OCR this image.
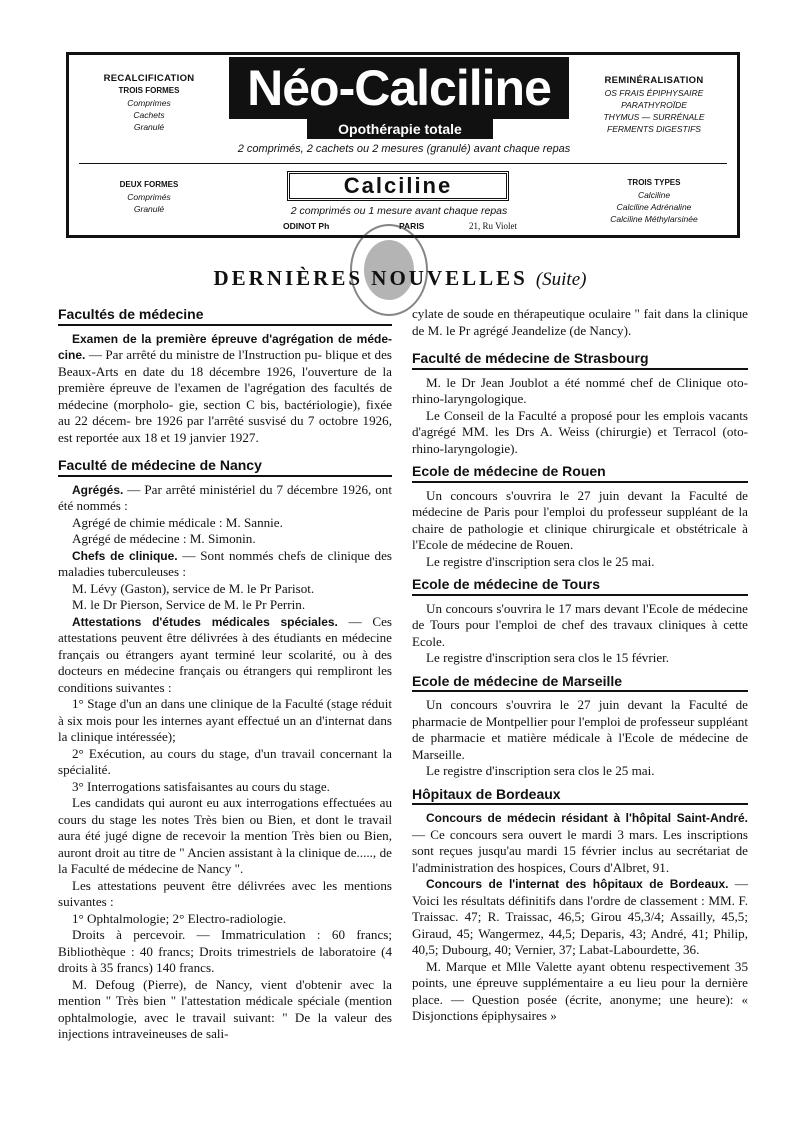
RECALCIFICATION
TROIS FORMES
Comprimes
Cachets
Granulé
DEUX FORMES
Comprimés
Granulé
REMINÉRALISATION
OS FRAIS ÉPIPHYSAIRE
PARATHYROÏDE
THYMUS — SURRÉNALE
FERMENTS DIGESTIFS
TROIS TYPES
Calciline
Calciline Adrénaline
Calciline Méthylarsinée
Néo-Calciline
Opothérapie totale
2 comprimés, 2 cachets ou 2 mesures (granulé) avant chaque repas
Calciline
2 comprimés ou 1 mesure avant chaque repas
ODINOT Ph	PARIS	21, Ru Violet
DERNIÈRES NOUVELLES (Suite)
Facultés de médecine

Examen de la première épreuve d'agrégation de méde-cine. — Par arrêté du ministre de l'Instruction pu- blique et des Beaux-Arts en date du 18 décembre 1926, l'ouverture de la première épreuve de l'examen de l'agrégation des facultés de médecine (morpholo- gie, section C bis, bactériologie), fixée au 22 décem- bre 1926 par l'arrêté susvisé du 7 octobre 1926, est reportée aux 18 et 19 janvier 1927.

Faculté de médecine de Nancy

Agrégés. — Par arrêté ministériel du 7 décembre 1926, ont été nommés :

Agrégé de chimie médicale : M. Sannie.

Agrégé de médecine : M. Simonin.

Chefs de clinique. — Sont nommés chefs de clinique des maladies tuberculeuses :

M. Lévy (Gaston), service de M. le Pr Parisot.

M. le Dr Pierson, Service de M. le Pr Perrin.

Attestations d'études médicales spéciales. — Ces attestations peuvent être délivrées à des étudiants en médecine français ou étrangers ayant terminé leur scolarité, ou à des docteurs en médecine français ou étrangers qui rempliront les conditions suivantes :

1° Stage d'un an dans une clinique de la Faculté (stage réduit à six mois pour les internes ayant effectué un an d'internat dans la clinique intéressée);

2° Exécution, au cours du stage, d'un travail concernant la spécialité.

3° Interrogations satisfaisantes au cours du stage.

Les candidats qui auront eu aux interrogations effectuées au cours du stage les notes Très bien ou Bien, et dont le travail aura été jugé digne de recevoir la mention Très bien ou Bien, auront droit au titre de " Ancien assistant à la clinique de....., de la Faculté de médecine de Nancy ".

Les attestations peuvent être délivrées avec les mentions suivantes :

1° Ophtalmologie; 2° Electro-radiologie.

Droits à percevoir. — Immatriculation : 60 francs; Bibliothèque : 40 francs; Droits trimestriels de laboratoire (4 droits à 35 francs) 140 francs.

M. Defoug (Pierre), de Nancy, vient d'obtenir avec la mention " Très bien " l'attestation médicale spéciale (mention ophtalmologie, avec le travail suivant: " De la valeur des injections intraveineuses de sali-

cylate de soude en thérapeutique oculaire " fait dans la clinique de M. le Pr agrégé Jeandelize (de Nancy).

Faculté de médecine de Strasbourg

M. le Dr Jean Joublot a été nommé chef de Clinique oto-rhino-laryngologique.

Le Conseil de la Faculté a proposé pour les emplois vacants d'agrégé MM. les Drs A. Weiss (chirurgie) et Terracol (oto-rhino-laryngologie).

Ecole de médecine de Rouen

Un concours s'ouvrira le 27 juin devant la Faculté de médecine de Paris pour l'emploi du professeur suppléant de la chaire de pathologie et clinique chirurgicale et obstétricale à l'Ecole de médecine de Rouen.

Le registre d'inscription sera clos le 25 mai.

Ecole de médecine de Tours

Un concours s'ouvrira le 17 mars devant l'Ecole de médecine de Tours pour l'emploi de chef des travaux cliniques à cette Ecole.

Le registre d'inscription sera clos le 15 février.

Ecole de médecine de Marseille

Un concours s'ouvrira le 27 juin devant la Faculté de pharmacie de Montpellier pour l'emploi de professeur suppléant de pharmacie et matière médicale à l'Ecole de médecine de Marseille.

Le registre d'inscription sera clos le 25 mai.

Hôpitaux de Bordeaux

Concours de médecin résidant à l'hôpital Saint-André. — Ce concours sera ouvert le mardi 3 mars. Les inscriptions sont reçues jusqu'au mardi 15 février inclus au secrétariat de l'administration des hospices, Cours d'Albret, 91.

Concours de l'internat des hôpitaux de Bordeaux. — Voici les résultats définitifs dans l'ordre de classement : MM. F. Traissac. 47; R. Traissac, 46,5; Girou 45,3/4; Assailly, 45,5; Giraud, 45; Wangermez, 44,5; Deparis, 43; André, 41; Philip, 40,5; Dubourg, 40; Vernier, 37; Labat-Labourdette, 36.

M. Marque et Mlle Valette ayant obtenu respectivement 35 points, une épreuve supplémentaire a eu lieu pour la dernière place. — Question posée (écrite, anonyme; une heure): « Disjonctions épiphysaires »
